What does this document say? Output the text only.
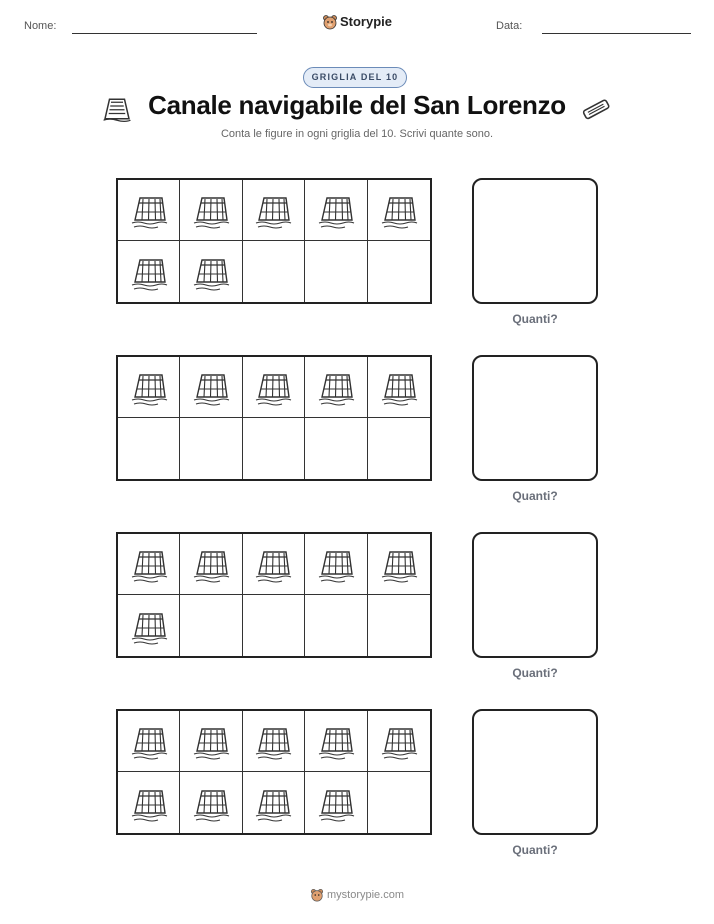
Nome:	Storypie	Data:
GRIGLIA DEL 10
Canale navigabile del San Lorenzo
Conta le figure in ogni griglia del 10. Scrivi quante sono.
Quanti?
Quanti?
Quanti?
Quanti?
mystorypie.com
